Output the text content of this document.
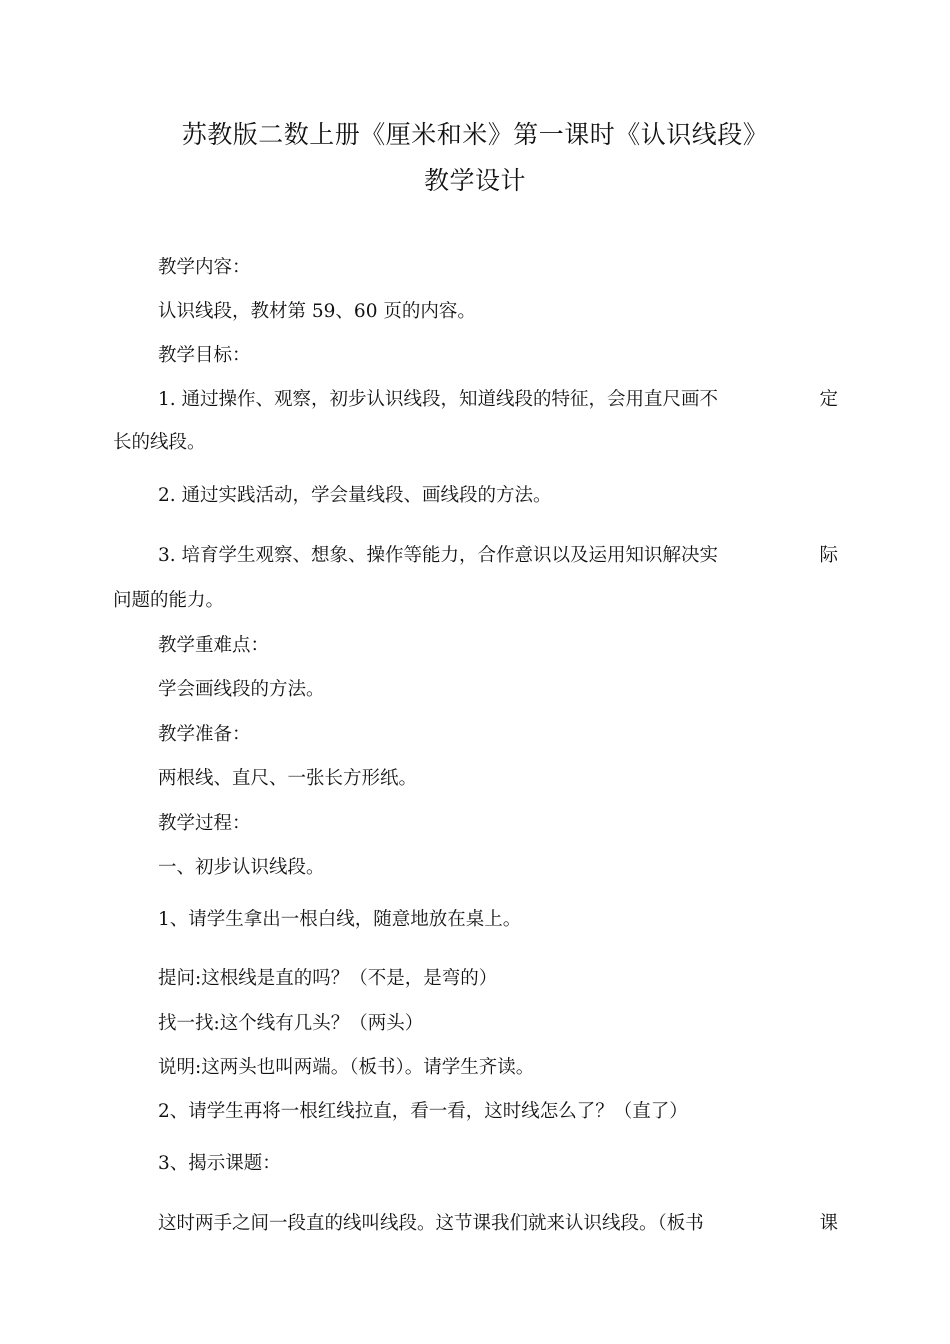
苏教版二数上册《厘米和米》第一课时《认识线段》
教学设计
教学内容：
认识线段，教材第 59、60 页的内容。
教学目标：
1. 通过操作、观察，初步认识线段，知道线段的特征，会用直尺画不	定
长的线段。
2. 通过实践活动，学会量线段、画线段的方法。
3. 培育学生观察、想象、操作等能力，合作意识以及运用知识解决实	际
问题的能力。
教学重难点：
学会画线段的方法。
教学准备：
两根线、直尺、一张长方形纸。
教学过程：
一、初步认识线段。
1、请学生拿出一根白线，随意地放在桌上。
提问:这根线是直的吗？（不是，是弯的）
找一找:这个线有几头？（两头）
说明:这两头也叫两端。（板书）。请学生齐读。
2、请学生再将一根红线拉直，看一看，这时线怎么了？（直了）
3、揭示课题：
这时两手之间一段直的线叫线段。这节课我们就来认识线段。（板书	课
